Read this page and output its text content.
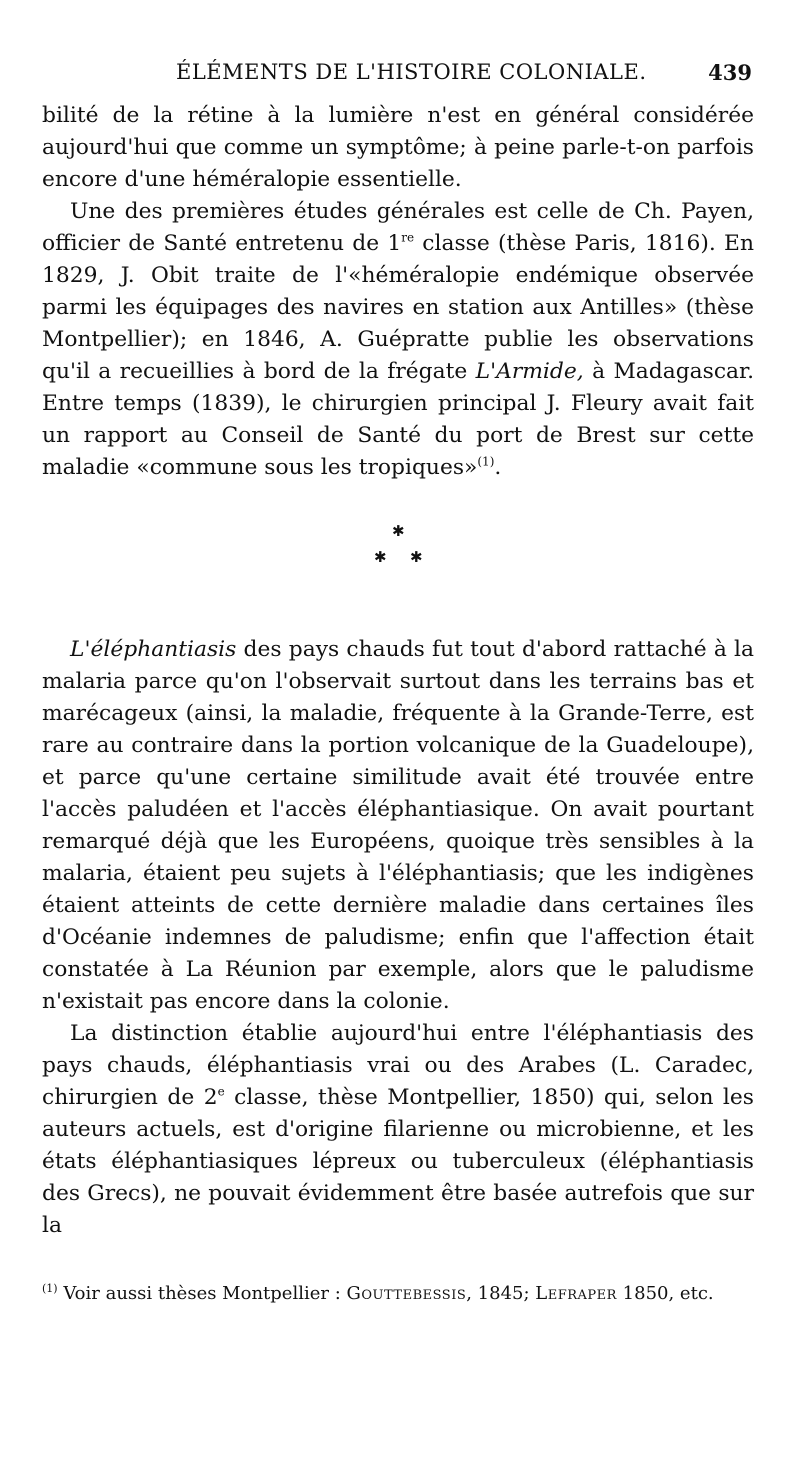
ÉLÉMENTS DE L'HISTOIRE COLONIALE.	439

bilité de la rétine à la lumière n'est en général considérée aujourd'hui que comme un symptôme; à peine parle-t-on parfois encore d'une héméralopie essentielle.

Une des premières études générales est celle de Ch. Payen, officier de Santé entretenu de 1re classe (thèse Paris, 1816). En 1829, J. Obit traite de l'«héméralopie endémique observée parmi les équipages des navires en station aux Antilles» (thèse Montpellier); en 1846, A. Guépratte publie les observations qu'il a recueillies à bord de la frégate L'Armide, à Madagascar. Entre temps (1839), le chirurgien principal J. Fleury avait fait un rapport au Conseil de Santé du port de Brest sur cette maladie «commune sous les tropiques»$^{(1)}$.

✱
✱ ✱

L'éléphantiasis des pays chauds fut tout d'abord rattaché à la malaria parce qu'on l'observait surtout dans les terrains bas et marécageux (ainsi, la maladie, fréquente à la Grande-Terre, est rare au contraire dans la portion volcanique de la Guadeloupe), et parce qu'une certaine similitude avait été trouvée entre l'accès paludéen et l'accès éléphantiasique. On avait pourtant remarqué déjà que les Européens, quoique très sensibles à la malaria, étaient peu sujets à l'éléphantiasis; que les indigènes étaient atteints de cette dernière maladie dans certaines îles d'Océanie indemnes de paludisme; enfin que l'affection était constatée à La Réunion par exemple, alors que le paludisme n'existait pas encore dans la colonie.

La distinction établie aujourd'hui entre l'éléphantiasis des pays chauds, éléphantiasis vrai ou des Arabes (L. Caradec, chirurgien de 2e classe, thèse Montpellier, 1850) qui, selon les auteurs actuels, est d'origine filarienne ou microbienne, et les états éléphantiasiques lépreux ou tuberculeux (éléphantiasis des Grecs), ne pouvait évidemment être basée autrefois que sur la

$^{(1)}$ Voir aussi thèses Montpellier : Gouttebessis, 1845; Lefraper 1850, etc.
